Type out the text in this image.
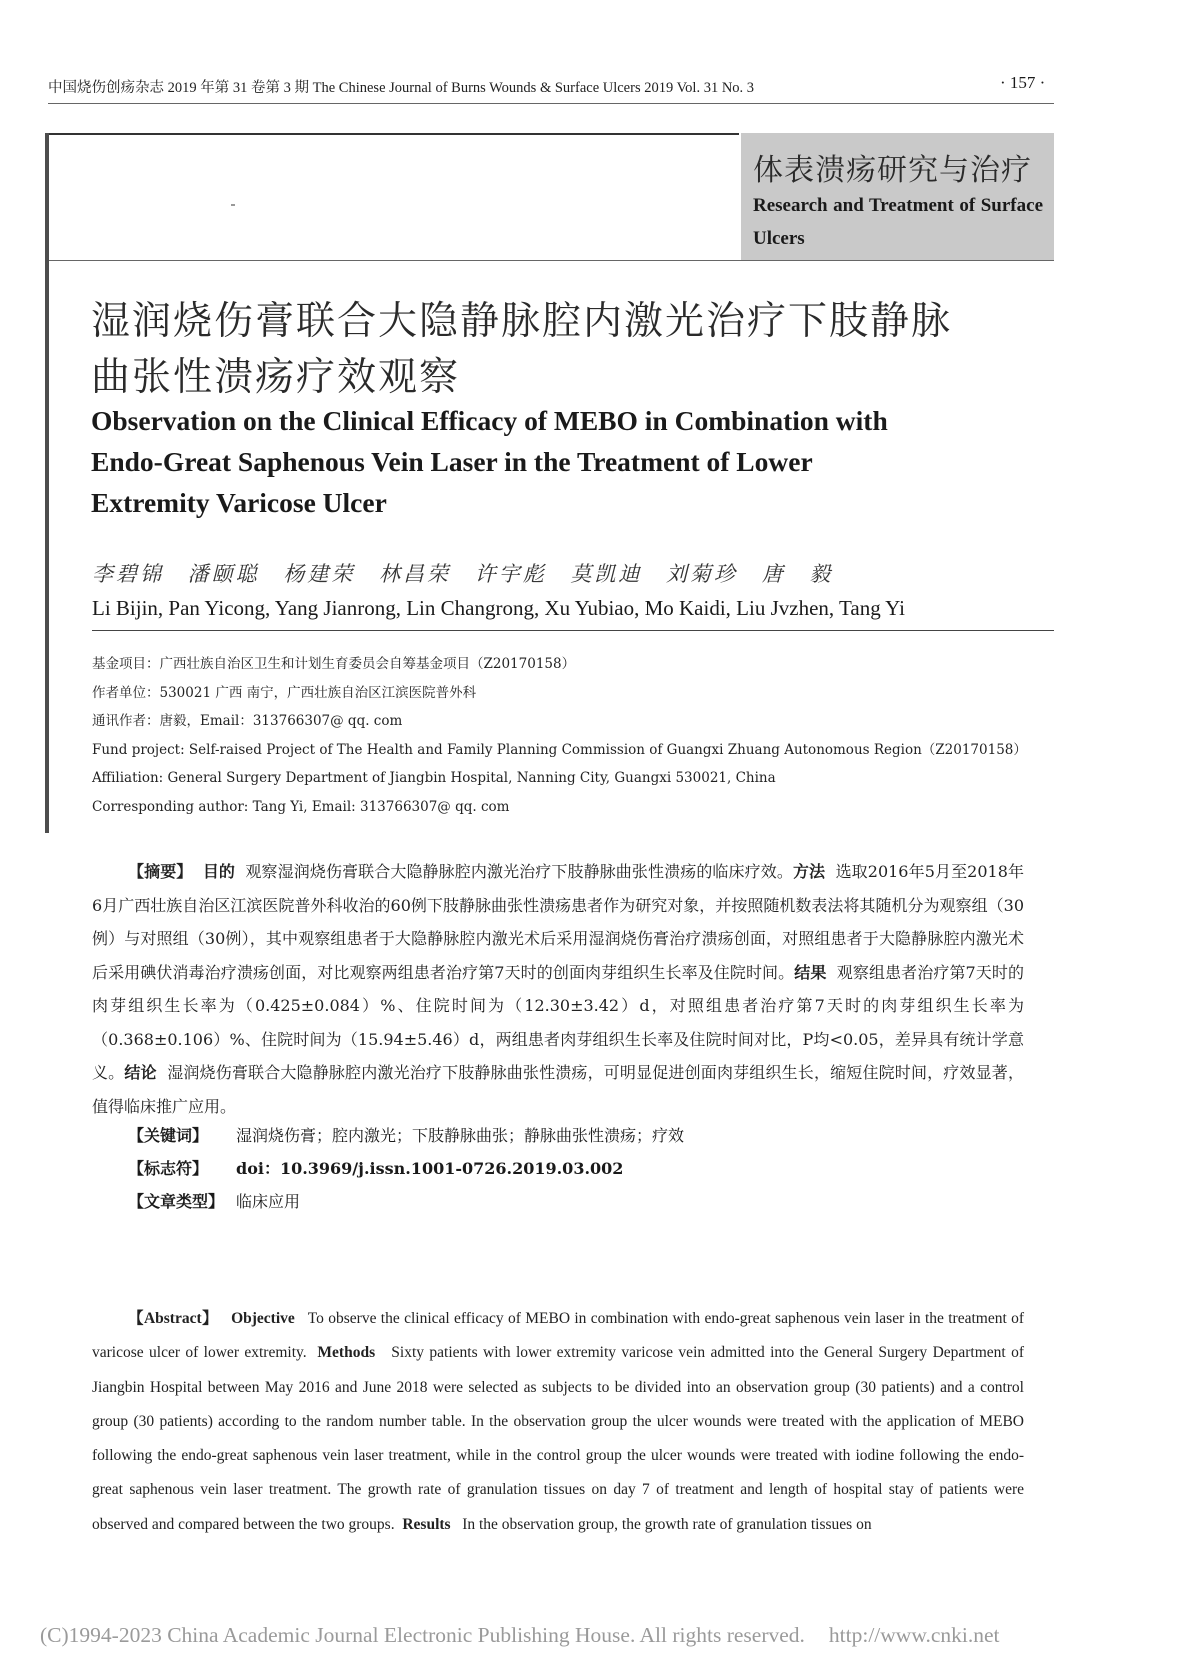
中国烧伤创疡杂志 2019 年第 31 卷第 3 期 The Chinese Journal of Burns Wounds & Surface Ulcers 2019 Vol. 31 No. 3	· 157 ·
体表溃疡研究与治疗
Research and Treatment of Surface Ulcers
湿润烧伤膏联合大隐静脉腔内激光治疗下肢静脉
曲张性溃疡疗效观察
Observation on the Clinical Efficacy of MEBO in Combination with
Endo-Great Saphenous Vein Laser in the Treatment of Lower
Extremity Varicose Ulcer
李碧锦 潘颐聪 杨建荣 林昌荣 许宇彪 莫凯迪 刘菊珍 唐 毅
Li Bijin, Pan Yicong, Yang Jianrong, Lin Changrong, Xu Yubiao, Mo Kaidi, Liu Jvzhen, Tang Yi
基金项目：广西壮族自治区卫生和计划生育委员会自筹基金项目（Z20170158）
作者单位：530021 广西 南宁，广西壮族自治区江滨医院普外科
通讯作者：唐毅，Email：313766307@ qq. com
Fund project: Self-raised Project of The Health and Family Planning Commission of Guangxi Zhuang Autonomous Region（Z20170158）
Affiliation: General Surgery Department of Jiangbin Hospital, Nanning City, Guangxi 530021, China
Corresponding author: Tang Yi, Email: 313766307@ qq. com

【摘要】 目的 观察湿润烧伤膏联合大隐静脉腔内激光治疗下肢静脉曲张性溃疡的临床疗效。方法 选取2016年5月至2018年6月广西壮族自治区江滨医院普外科收治的60例下肢静脉曲张性溃疡患者作为研究对象，并按照随机数表法将其随机分为观察组（30例）与对照组（30例），其中观察组患者于大隐静脉腔内激光术后采用湿润烧伤膏治疗溃疡创面，对照组患者于大隐静脉腔内激光术后采用碘伏消毒治疗溃疡创面，对比观察两组患者治疗第7天时的创面肉芽组织生长率及住院时间。结果 观察组患者治疗第7天时的肉芽组织生长率为（0.425±0.084）%、住院时间为（12.30±3.42）d，对照组患者治疗第7天时的肉芽组织生长率为（0.368±0.106）%、住院时间为（15.94±5.46）d，两组患者肉芽组织生长率及住院时间对比，P均<0.05，差异具有统计学意义。结论 湿润烧伤膏联合大隐静脉腔内激光治疗下肢静脉曲张性溃疡，可明显促进创面肉芽组织生长，缩短住院时间，疗效显著，值得临床推广应用。

【关键词】 湿润烧伤膏；腔内激光；下肢静脉曲张；静脉曲张性溃疡；疗效
【标志符】 doi：10.3969/j.issn.1001-0726.2019.03.002
【文章类型】 临床应用

【Abstract】 Objective To observe the clinical efficacy of MEBO in combination with endo-great saphenous vein laser in the treatment of varicose ulcer of lower extremity. Methods Sixty patients with lower extremity varicose vein admitted into the General Surgery Department of Jiangbin Hospital between May 2016 and June 2018 were selected as subjects to be divided into an observation group (30 patients) and a control group (30 patients) according to the random number table. In the observation group the ulcer wounds were treated with the application of MEBO following the endo-great saphenous vein laser treatment, while in the control group the ulcer wounds were treated with iodine following the endo-great saphenous vein laser treatment. The growth rate of granulation tissues on day 7 of treatment and length of hospital stay of patients were observed and compared between the two groups. Results In the observation group, the growth rate of granulation tissues on

(C)1994-2023 China Academic Journal Electronic Publishing House. All rights reserved. http://www.cnki.net
